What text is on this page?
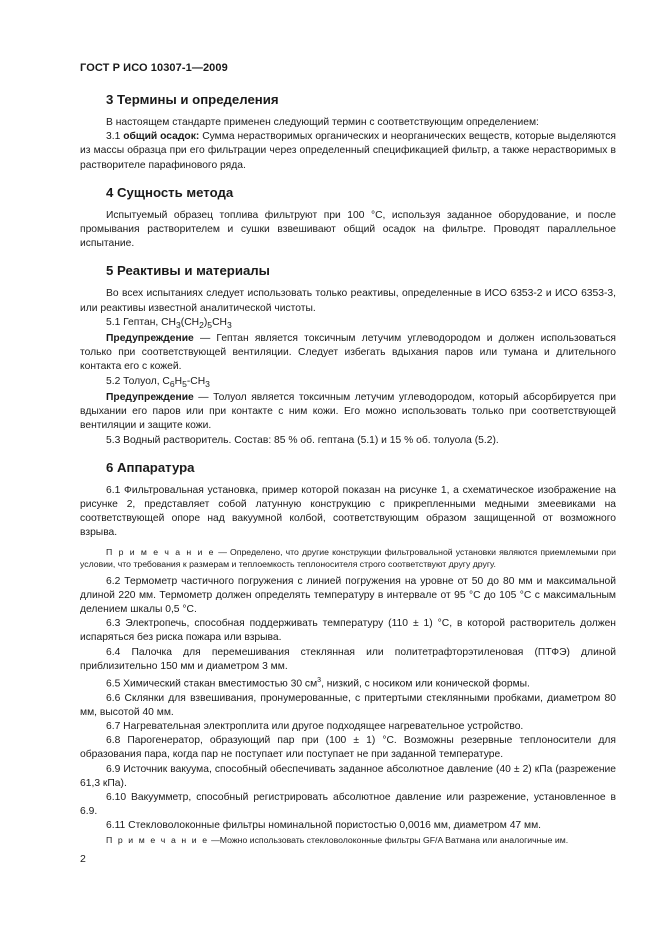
ГОСТ Р ИСО 10307-1—2009
3 Термины и определения

В настоящем стандарте применен следующий термин с соответствующим определением:

3.1 общий осадок: Сумма нерастворимых органических и неорганических веществ, которые выделяются из массы образца при его фильтрации через определенный спецификацией фильтр, а также нерастворимых в растворителе парафинового ряда.

4 Сущность метода

Испытуемый образец топлива фильтруют при 100 °С, используя заданное оборудование, и после промывания растворителем и сушки взвешивают общий осадок на фильтре. Проводят параллельное испытание.

5 Реактивы и материалы

Во всех испытаниях следует использовать только реактивы, определенные в ИСО 6353-2 и ИСО 6353-3, или реактивы известной аналитической чистоты.

5.1 Гептан, $CH_3(CH_2)_5CH_3$

Предупреждение — Гептан является токсичным летучим углеводородом и должен использоваться только при соответствующей вентиляции. Следует избегать вдыхания паров или тумана и длительного контакта его с кожей.

5.2 Толуол, $C_6H_5-CH_3$

Предупреждение — Толуол является токсичным летучим углеводородом, который абсорбируется при вдыхании его паров или при контакте с ним кожи. Его можно использовать только при соответствующей вентиляции и защите кожи.

5.3 Водный растворитель. Состав: 85 % об. гептана (5.1) и 15 % об. толуола (5.2).

6 Аппаратура

6.1 Фильтровальная установка, пример которой показан на рисунке 1, а схематическое изображение на рисунке 2, представляет собой латунную конструкцию с прикрепленными медными змеевиками на соответствующей опоре над вакуумной колбой, соответствующим образом защищенной от возможного взрыва.

П р и м е ч а н и е — Определено, что другие конструкции фильтровальной установки являются приемлемыми при условии, что требования к размерам и теплоемкость теплоносителя строго соответствуют другу другу.

6.2 Термометр частичного погружения с линией погружения на уровне от 50 до 80 мм и максимальной длиной 220 мм. Термометр должен определять температуру в интервале от 95 °С до 105 °С с максимальным делением шкалы 0,5 °С.

6.3 Электропечь, способная поддерживать температуру (110 ± 1) °С, в которой растворитель должен испаряться без риска пожара или взрыва.

6.4 Палочка для перемешивания стеклянная или политетрафторэтиленовая (ПТФЭ) длиной приблизительно 150 мм и диаметром 3 мм.

6.5 Химический стакан вместимостью 30 $см^3$, низкий, с носиком или конической формы.

6.6 Склянки для взвешивания, пронумерованные, с притертыми стеклянными пробками, диаметром 80 мм, высотой 40 мм.

6.7 Нагревательная электроплита или другое подходящее нагревательное устройство.

6.8 Парогенератор, образующий пар при (100 ± 1) °С. Возможны резервные теплоносители для образования пара, когда пар не поступает или поступает не при заданной температуре.

6.9 Источник вакуума, способный обеспечивать заданное абсолютное давление (40 ± 2) кПа (разрежение 61,3 кПа).

6.10 Вакуумметр, способный регистрировать абсолютное давление или разрежение, установленное в 6.9.

6.11 Стекловолоконные фильтры номинальной пористостью 0,0016 мм, диаметром 47 мм.

П р и м е ч а н и е —Можно использовать стекловолоконные фильтры GF/A Ватмана или аналогичные им.

2
